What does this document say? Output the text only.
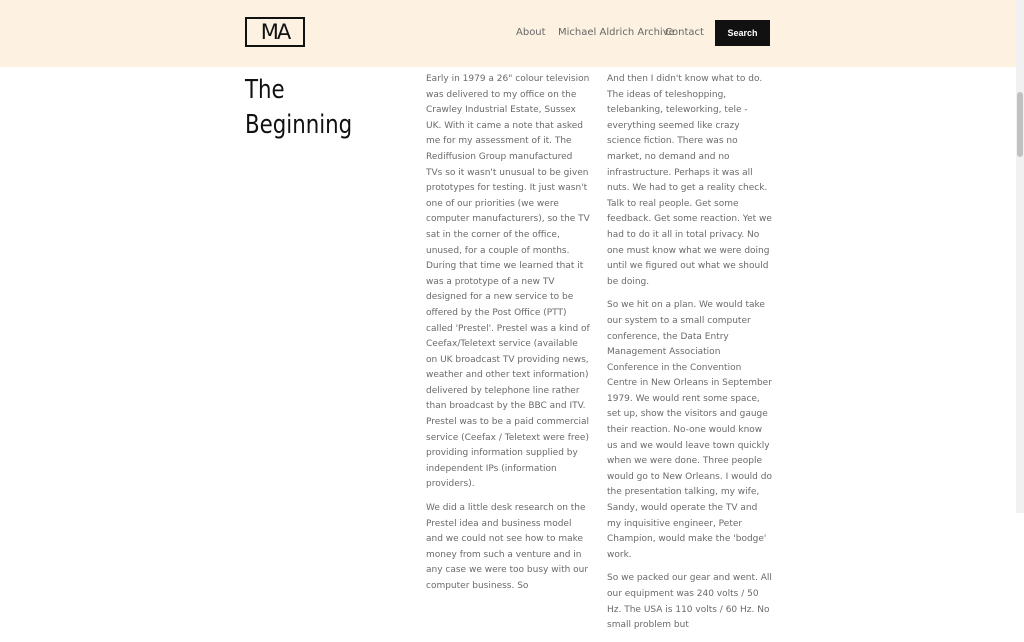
MA	About Michael Aldrich Archive
Contact	Search
The
Beginning

Early in 1979 a 26" colour television was delivered to my office on the Crawley Industrial Estate, Sussex UK. With it came a note that asked me for my assessment of it. The Rediffusion Group manufactured TVs so it wasn't unusual to be given prototypes for testing. It just wasn't one of our priorities (we were computer manufacturers), so the TV sat in the corner of the office, unused, for a couple of months. During that time we learned that it was a prototype of a new TV designed for a new service to be offered by the Post Office (PTT) called 'Prestel'. Prestel was a kind of Ceefax/Teletext service (available on UK broadcast TV providing news, weather and other text information) delivered by telephone line rather than broadcast by the BBC and ITV. Prestel was to be a paid commercial service (Ceefax / Teletext were free) providing information supplied by independent IPs (information providers).

We did a little desk research on the Prestel idea and business model and we could not see how to make money from such a venture and in any case we were too busy with our computer business. So

And then I didn't know what to do. The ideas of teleshopping, telebanking, teleworking, tele - everything seemed like crazy science fiction. There was no market, no demand and no infrastructure. Perhaps it was all nuts. We had to get a reality check. Talk to real people. Get some feedback. Get some reaction. Yet we had to do it all in total privacy. No one must know what we were doing until we figured out what we should be doing.

So we hit on a plan. We would take our system to a small computer conference, the Data Entry Management Association Conference in the Convention Centre in New Orleans in September 1979. We would rent some space, set up, show the visitors and gauge their reaction. No-one would know us and we would leave town quickly when we were done. Three people would go to New Orleans. I would do the presentation talking, my wife, Sandy, would operate the TV and my inquisitive engineer, Peter Champion, would make the 'bodge' work.

So we packed our gear and went. All our equipment was 240 volts / 50 Hz. The USA is 110 volts / 60 Hz. No small problem but
